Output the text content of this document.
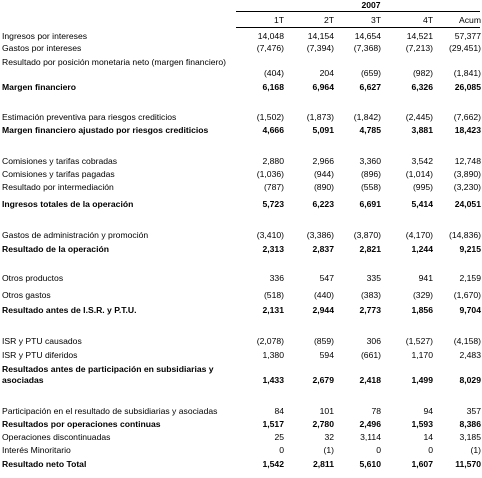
2007
1T	2T	3T	4T	Acum
Ingresos por intereses	14,048	14,154 14,654	14,521	57,377
Gastos por intereses	(7,476)	(7,394) (7,368)	(7,213) (29,451)
Resultado por posición monetaria neto (margen financiero)
(404)	204	(659)	(982) (1,841)
Margen financiero	6,168	6,964	6,627	6,326	26,085
Estimación preventiva para riesgos crediticios	(1,502)	(1,873) (1,842)	(2,445) (7,662)
Margen financiero ajustado por riesgos crediticios	4,666	5,091	4,785	3,881	18,423
Comisiones y tarifas cobradas	2,880	2,966	3,360	3,542	12,748
Comisiones y tarifas pagadas	(1,036)	(944)	(896)	(1,014) (3,890)
Resultado por intermediación	(787)	(890)	(558)	(995) (3,230)
Ingresos totales de la operación	5,723	6,223	6,691	5,414	24,051
Gastos de administración y promoción	(3,410)	(3,386) (3,870)	(4,170) (14,836)
Resultado de la operación	2,313	2,837	2,821	1,244	9,215
Otros productos	336	547	335	941	2,159
Otros gastos	(518)	(440)	(383)	(329) (1,670)
Resultado antes de I.S.R. y P.T.U.	2,131	2,944	2,773	1,856	9,704
ISR y PTU causados	(2,078)	(859)	306	(1,527) (4,158)
ISR y PTU diferidos	1,380	594	(661)	1,170	2,483
Resultados antes de participación en subsidiarias y asociadas	1,433	2,679	2,418	1,499	8,029
Participación en el resultado de subsidiarias y asociadas	84	101	78	94	357
Resultados por operaciones continuas	1,517	2,780	2,496	1,593	8,386
Operaciones discontinuadas	25	32	3,114	14	3,185
Interés Minoritario	0	(1)	0	0	(1)
Resultado neto Total	1,542	2,811	5,610	1,607	11,570
